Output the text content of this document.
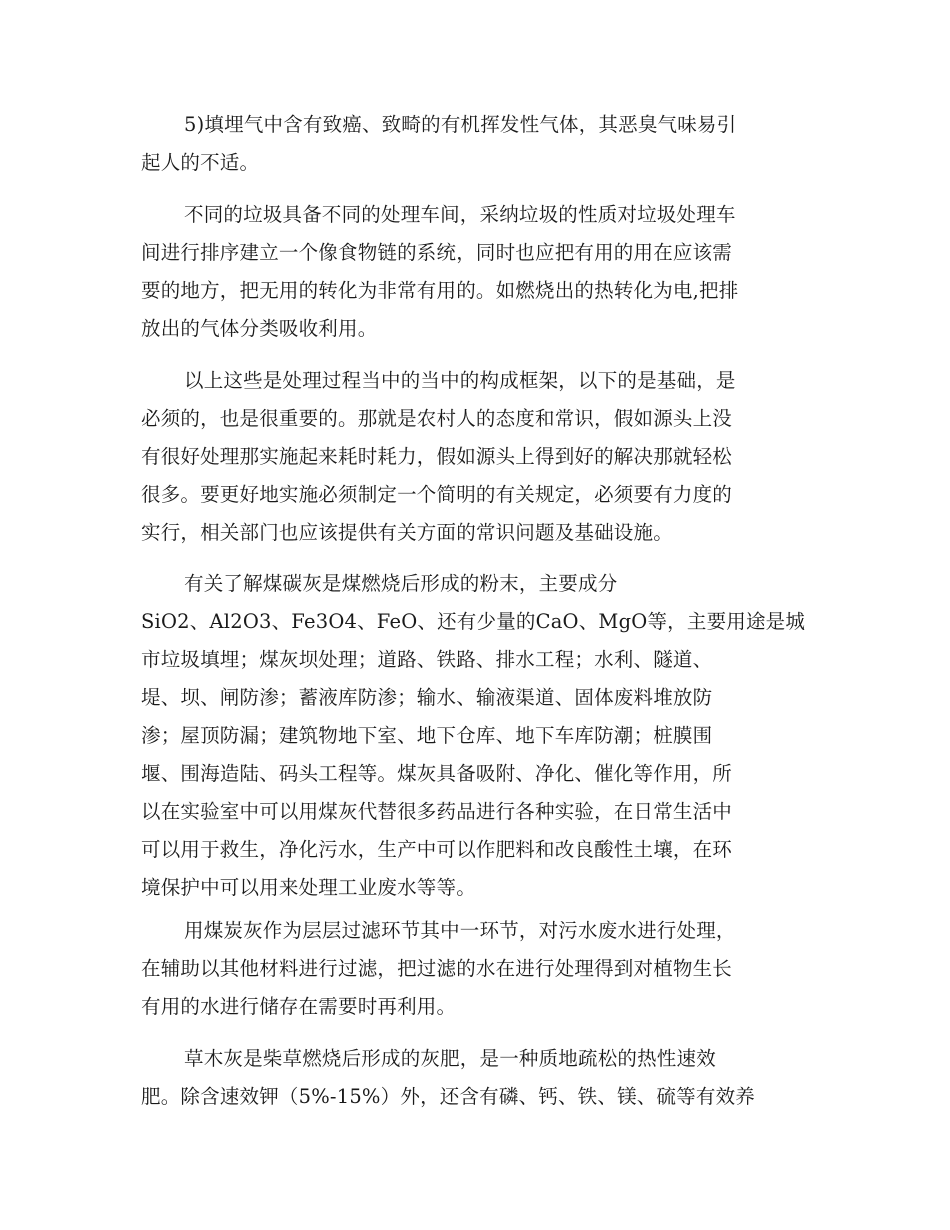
5)填埋气中含有致癌、致畸的有机挥发性气体，其恶臭气味易引
起人的不适。
不同的垃圾具备不同的处理车间，采纳垃圾的性质对垃圾处理车
间进行排序建立一个像食物链的系统，同时也应把有用的用在应该需
要的地方，把无用的转化为非常有用的。如燃烧出的热转化为电,把排
放出的气体分类吸收利用。
以上这些是处理过程当中的当中的构成框架，以下的是基础，是
必须的，也是很重要的。那就是农村人的态度和常识，假如源头上没
有很好处理那实施起来耗时耗力，假如源头上得到好的解决那就轻松
很多。要更好地实施必须制定一个简明的有关规定，必须要有力度的
实行，相关部门也应该提供有关方面的常识问题及基础设施。
有关了解煤碳灰是煤燃烧后形成的粉末，主要成分
SiO2、Al2O3、Fe3O4、FeO、还有少量的CaO、MgO等，主要用途是城
市垃圾填埋；煤灰坝处理；道路、铁路、排水工程；水利、隧道、
堤、坝、闸防渗；蓄液库防渗；输水、输液渠道、固体废料堆放防
渗；屋顶防漏；建筑物地下室、地下仓库、地下车库防潮；桩膜围
堰、围海造陆、码头工程等。煤灰具备吸附、净化、催化等作用，所
以在实验室中可以用煤灰代替很多药品进行各种实验，在日常生活中
可以用于救生，净化污水，生产中可以作肥料和改良酸性土壤，在环
境保护中可以用来处理工业废水等等。
用煤炭灰作为层层过滤环节其中一环节，对污水废水进行处理，
在辅助以其他材料进行过滤，把过滤的水在进行处理得到对植物生长
有用的水进行储存在需要时再利用。
草木灰是柴草燃烧后形成的灰肥，是一种质地疏松的热性速效
肥。除含速效钾（5%-15%）外，还含有磷、钙、铁、镁、硫等有效养
